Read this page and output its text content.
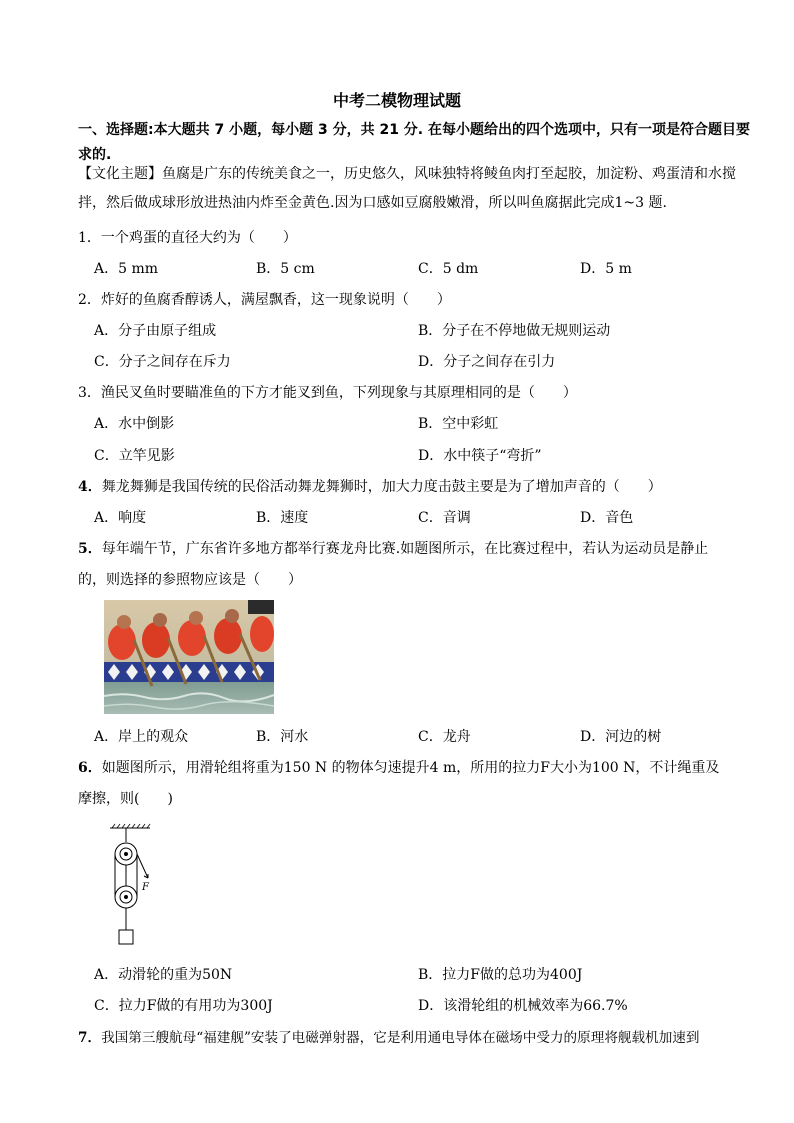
中考二模物理试题
一、选择题:本大题共 7 小题，每小题 3 分，共 21 分. 在每小题给出的四个选项中，只有一项是符合题目要求的.
【文化主题】鱼腐是广东的传统美食之一，历史悠久，风味独特将鲮鱼肉打至起胶，加淀粉、鸡蛋清和水搅拌，然后做成球形放进热油内炸至金黄色.因为口感如豆腐般嫩滑，所以叫鱼腐据此完成1~3 题.
1．一个鸡蛋的直径大约为（　　）
A．5 mm	B．5 cm	C．5 dm	D．5 m
2．炸好的鱼腐香醇诱人，满屋飘香，这一现象说明（　　）
A．分子由原子组成	B．分子在不停地做无规则运动
C．分子之间存在斥力	D．分子之间存在引力
3．渔民叉鱼时要瞄准鱼的下方才能叉到鱼，下列现象与其原理相同的是（　　）
A．水中倒影	B．空中彩虹
C．立竿见影	D．水中筷子“弯折”
4．舞龙舞狮是我国传统的民俗活动舞龙舞狮时，加大力度击鼓主要是为了增加声音的（　　）
A．响度	B．速度	C．音调	D．音色
5．每年端午节，广东省许多地方都举行赛龙舟比赛.如题图所示，在比赛过程中，若认为运动员是静止
的，则选择的参照物应该是（　　）
A．岸上的观众	B．河水	C．龙舟	D．河边的树
6．如题图所示，用滑轮组将重为150 N 的物体匀速提升4 m，所用的拉力F大小为100 N，不计绳重及
摩擦，则(　　)
F
A．动滑轮的重为50N	B．拉力F做的总功为400J
C．拉力F做的有用功为300J	D．该滑轮组的机械效率为66.7%
7．我国第三艘航母“福建舰”安装了电磁弹射器，它是利用通电导体在磁场中受力的原理将舰载机加速到
